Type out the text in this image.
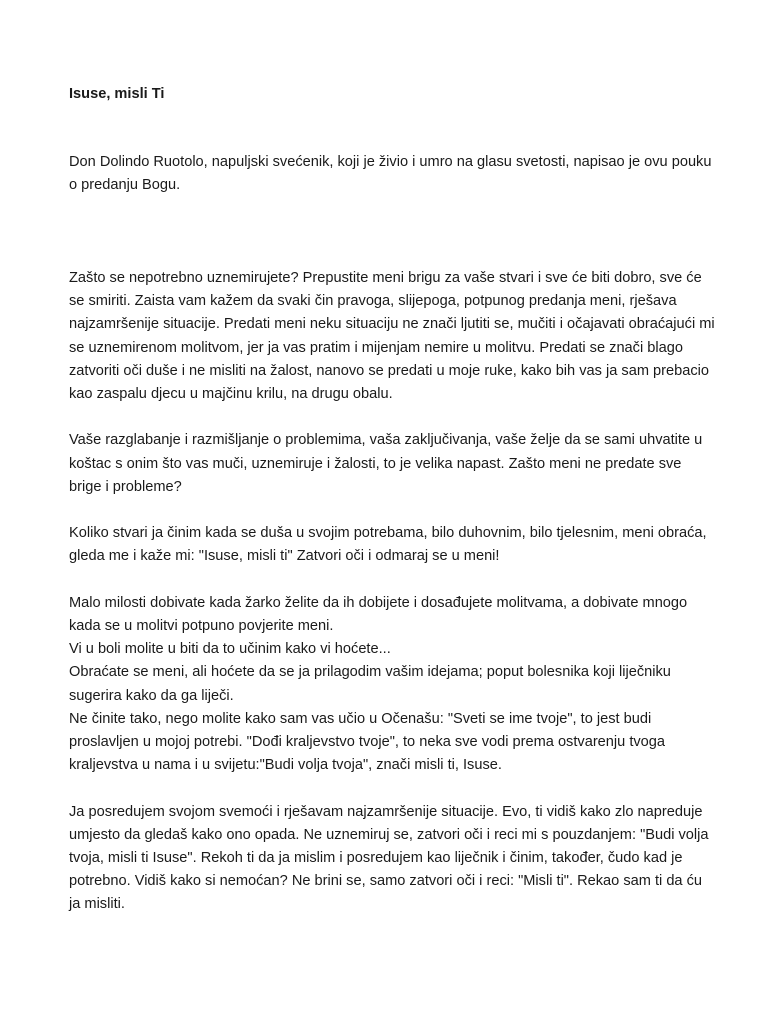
Isuse, misli Ti

Don Dolindo Ruotolo, napuljski svećenik, koji je živio i umro na glasu svetosti, napisao je ovu pouku
o predanju Bogu.

Zašto se nepotrebno uznemirujete? Prepustite meni brigu za vaše stvari i sve će biti dobro, sve će
se smiriti. Zaista vam kažem da svaki čin pravoga, slijepoga, potpunog predanja meni, rješava
najzamršenije situacije. Predati meni neku situaciju ne znači ljutiti se, mučiti i očajavati obraćajući mi
se uznemirenom molitvom, jer ja vas pratim i mijenjam nemire u molitvu. Predati se znači blago
zatvoriti oči duše i ne misliti na žalost, nanovo se predati u moje ruke, kako bih vas ja sam prebacio
kao zaspalu djecu u majčinu krilu, na drugu obalu.

Vaše razglabanje i razmišljanje o problemima, vaša zaključivanja, vaše želje da se sami uhvatite u
koštac s onim što vas muči, uznemiruje i žalosti, to je velika napast. Zašto meni ne predate sve
brige i probleme?

Koliko stvari ja činim kada se duša u svojim potrebama, bilo duhovnim, bilo tjelesnim, meni obraća,
gleda me i kaže mi: "Isuse, misli ti" Zatvori oči i odmaraj se u meni!

Malo milosti dobivate kada žarko želite da ih dobijete i dosađujete molitvama, a dobivate mnogo
kada se u molitvi potpuno povjerite meni.
Vi u boli molite u biti da to učinim kako vi hoćete...
Obraćate se meni, ali hoćete da se ja prilagodim vašim idejama; poput bolesnika koji liječniku
sugerira kako da ga liječi.
Ne činite tako, nego molite kako sam vas učio u Očenašu: "Sveti se ime tvoje", to jest budi
proslavljen u mojoj potrebi. "Dođi kraljevstvo tvoje", to neka sve vodi prema ostvarenju tvoga
kraljevstva u nama i u svijetu:"Budi volja tvoja", znači misli ti, Isuse.

Ja posredujem svojom svemoći i rješavam najzamršenije situacije. Evo, ti vidiš kako zlo napreduje
umjesto da gledaš kako ono opada. Ne uznemiruj se, zatvori oči i reci mi s pouzdanjem: "Budi volja
tvoja, misli ti Isuse". Rekoh ti da ja mislim i posredujem kao liječnik i činim, također, čudo kad je
potrebno. Vidiš kako si nemoćan? Ne brini se, samo zatvori oči i reci: "Misli ti". Rekao sam ti da ću
ja misliti.
